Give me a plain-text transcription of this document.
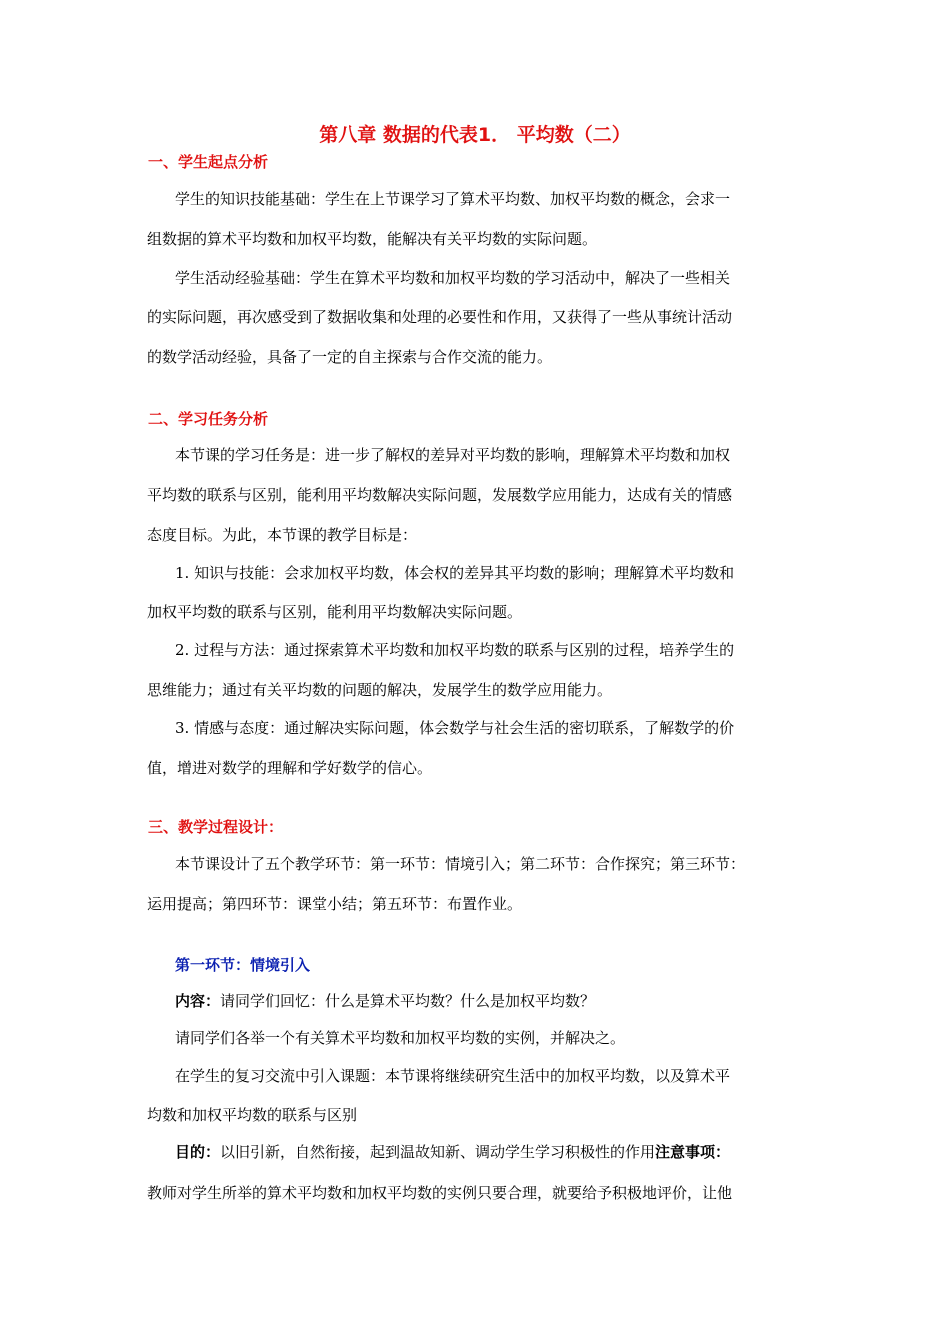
第八章 数据的代表1． 平均数（二）
一、学生起点分析
学生的知识技能基础：学生在上节课学习了算术平均数、加权平均数的概念，会求一
组数据的算术平均数和加权平均数，能解决有关平均数的实际问题。
学生活动经验基础：学生在算术平均数和加权平均数的学习活动中，解决了一些相关
的实际问题，再次感受到了数据收集和处理的必要性和作用，又获得了一些从事统计活动
的数学活动经验，具备了一定的自主探索与合作交流的能力。
二、学习任务分析
本节课的学习任务是：进一步了解权的差异对平均数的影响，理解算术平均数和加权
平均数的联系与区别，能利用平均数解决实际问题，发展数学应用能力，达成有关的情感
态度目标。为此，本节课的教学目标是：
1. 知识与技能：会求加权平均数，体会权的差异其平均数的影响；理解算术平均数和
加权平均数的联系与区别，能利用平均数解决实际问题。
2. 过程与方法：通过探索算术平均数和加权平均数的联系与区别的过程，培养学生的
思维能力；通过有关平均数的问题的解决，发展学生的数学应用能力。
3. 情感与态度：通过解决实际问题，体会数学与社会生活的密切联系，了解数学的价
值，增进对数学的理解和学好数学的信心。
三、教学过程设计：
本节课设计了五个教学环节：第一环节：情境引入；第二环节：合作探究；第三环节：
运用提高；第四环节：课堂小结；第五环节：布置作业。
第一环节：情境引入
内容：请同学们回忆：什么是算术平均数？什么是加权平均数？
请同学们各举一个有关算术平均数和加权平均数的实例，并解决之。
在学生的复习交流中引入课题：本节课将继续研究生活中的加权平均数，以及算术平
均数和加权平均数的联系与区别
目的：以旧引新，自然衔接，起到温故知新、调动学生学习积极性的作用注意事项：
教师对学生所举的算术平均数和加权平均数的实例只要合理，就要给予积极地评价，让他
